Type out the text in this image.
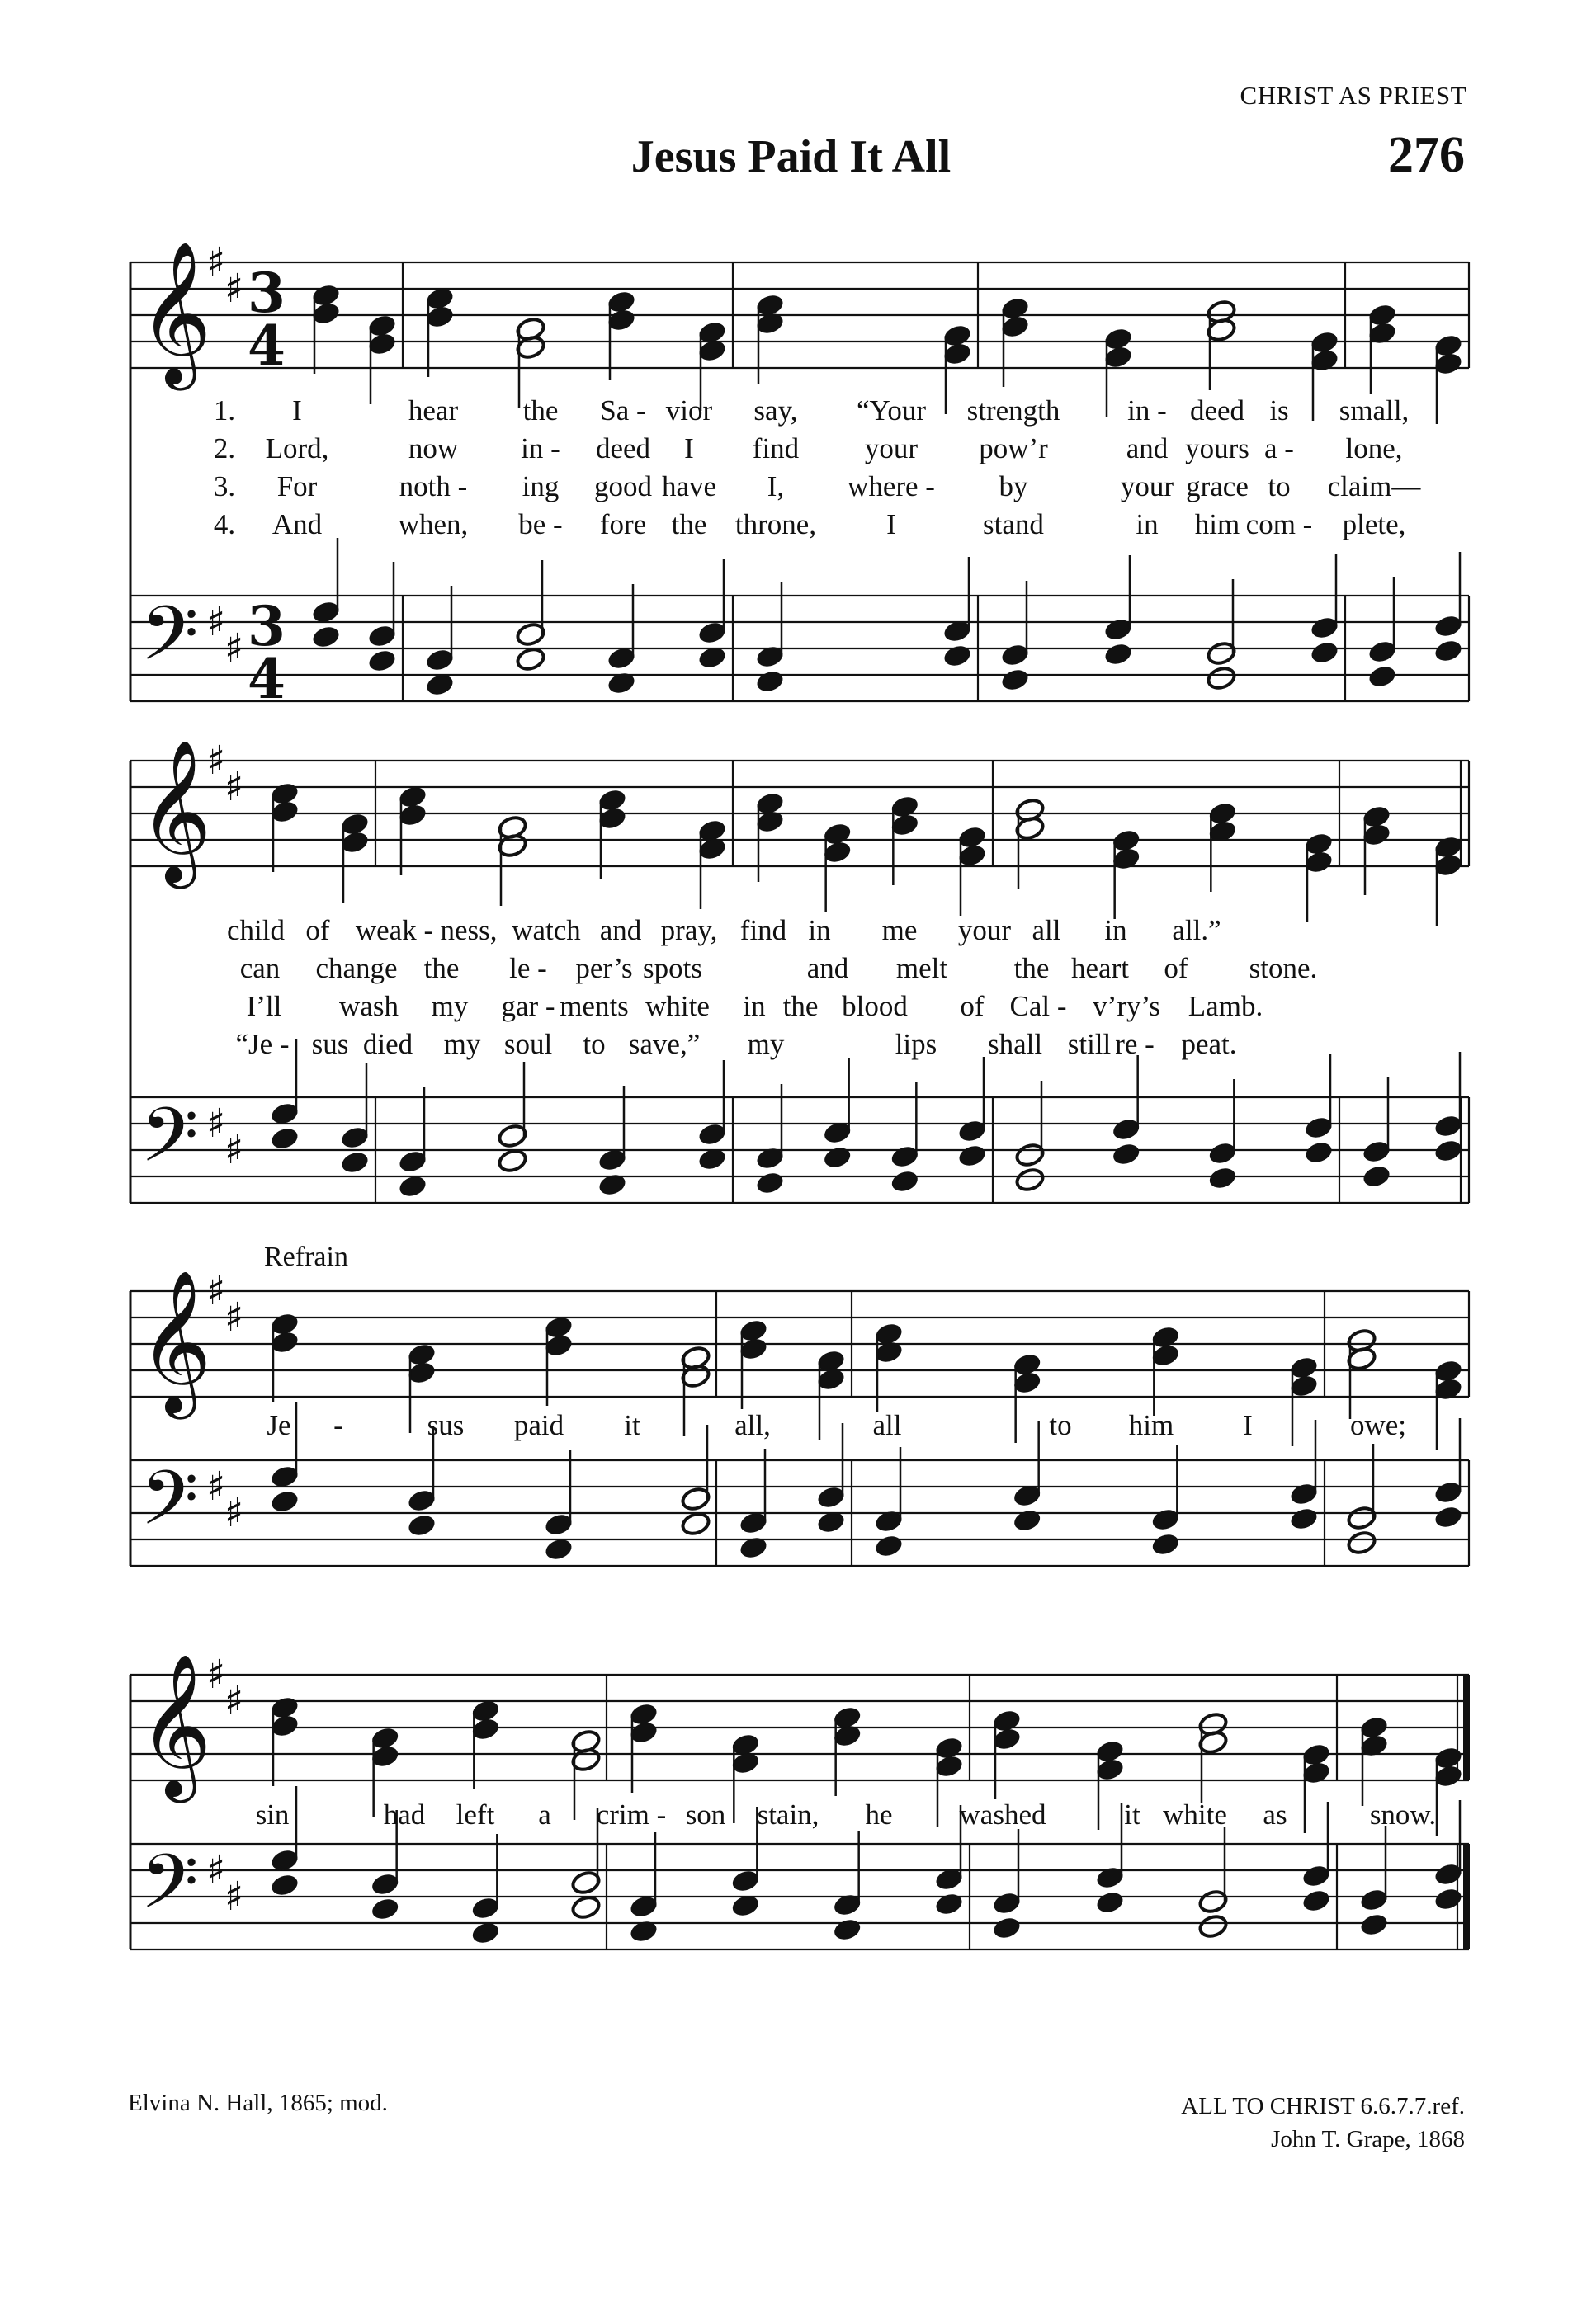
CHRIST AS PRIEST
Jesus Paid It All	276
𝄞
𝄢
♯
♯
♯
♯
3
4
3
4
𝄞
𝄢
♯
♯
♯
♯
𝄞
𝄢
♯
♯
♯
♯
𝄞
𝄢
♯
♯
♯
♯
1. I	hear the Sa - vior say, “Your strength in - deed is small,
2. Lord,	now in - deed I find your pow’r	and yours a - lone,
3. For	noth - ing good have I, where - by	your grace to claim—
4. And	when, be - fore the throne, I	stand	in him com - plete,
child of weak - ness, watch and pray, find in me your all in all.”
can change the le - per’s spots	and melt the heart of stone.
I’ll wash my gar - ments white in the blood of Cal - v’ry’s Lamb.
“Je - sus died my soul to save,” my	lips shall still re - peat.
Je -	sus paid it	all,	all	to him I	owe;
sin	had left a crim - son stain, he washed	it white as	snow.
Refrain
Elvina N. Hall, 1865; mod.	ALL TO CHRIST 6.6.7.7.ref.
John T. Grape, 1868
